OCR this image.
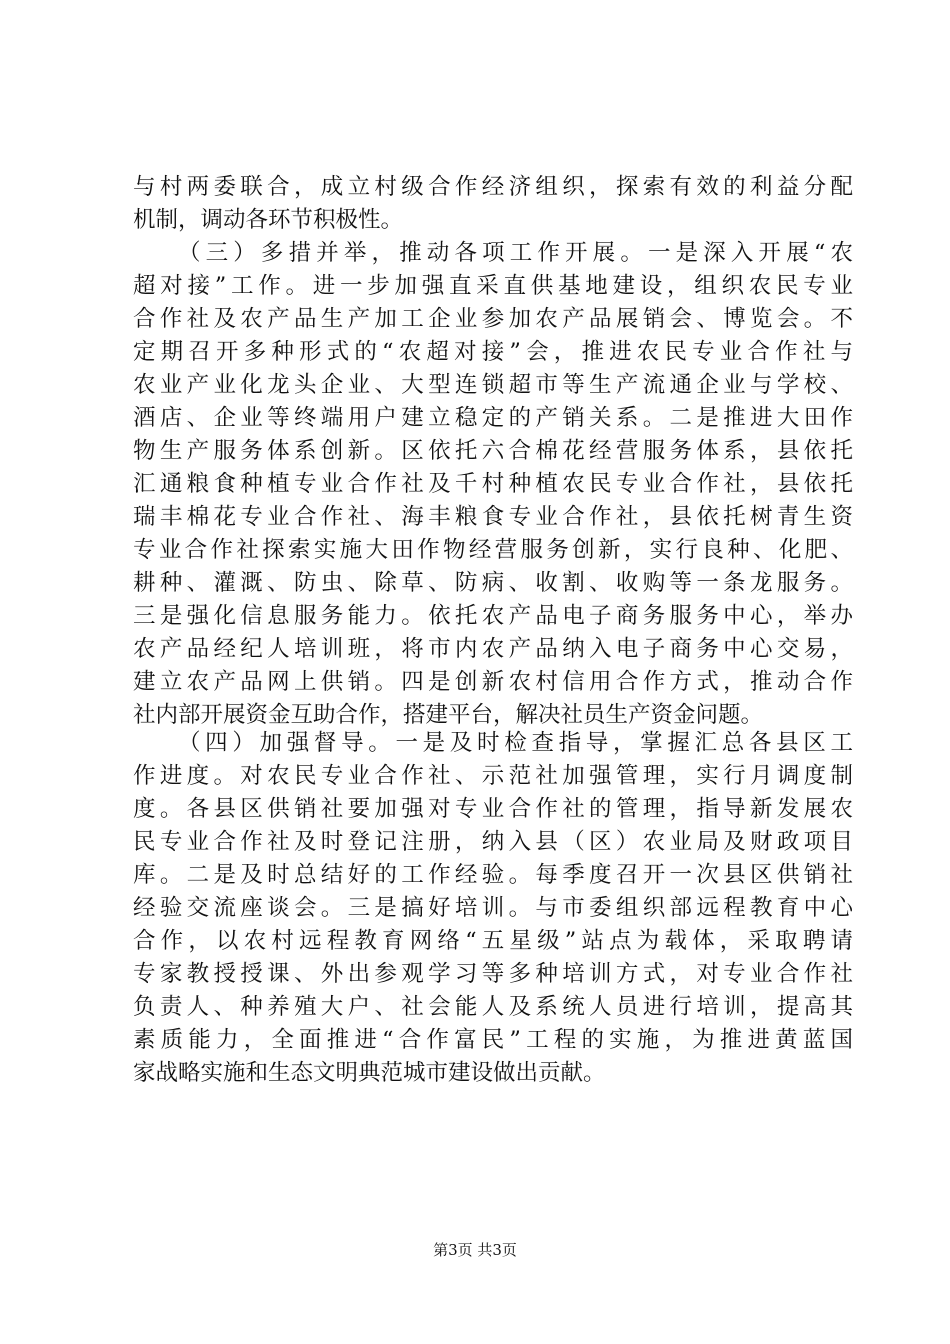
与村两委联合，成立村级合作经济组织，探索有效的利益分配
机制，调动各环节积极性。
（三）多措并举，推动各项工作开展。一是深入开展“农
超对接”工作。进一步加强直采直供基地建设，组织农民专业
合作社及农产品生产加工企业参加农产品展销会、博览会。不
定期召开多种形式的“农超对接”会，推进农民专业合作社与
农业产业化龙头企业、大型连锁超市等生产流通企业与学校、
酒店、企业等终端用户建立稳定的产销关系。二是推进大田作
物生产服务体系创新。区依托六合棉花经营服务体系，县依托
汇通粮食种植专业合作社及千村种植农民专业合作社，县依托
瑞丰棉花专业合作社、海丰粮食专业合作社，县依托树青生资
专业合作社探索实施大田作物经营服务创新，实行良种、化肥、
耕种、灌溉、防虫、除草、防病、收割、收购等一条龙服务。
三是强化信息服务能力。依托农产品电子商务服务中心，举办
农产品经纪人培训班，将市内农产品纳入电子商务中心交易，
建立农产品网上供销。四是创新农村信用合作方式，推动合作
社内部开展资金互助合作，搭建平台，解决社员生产资金问题。
（四）加强督导。一是及时检查指导，掌握汇总各县区工
作进度。对农民专业合作社、示范社加强管理，实行月调度制
度。各县区供销社要加强对专业合作社的管理，指导新发展农
民专业合作社及时登记注册，纳入县（区）农业局及财政项目
库。二是及时总结好的工作经验。每季度召开一次县区供销社
经验交流座谈会。三是搞好培训。与市委组织部远程教育中心
合作，以农村远程教育网络“五星级”站点为载体，采取聘请
专家教授授课、外出参观学习等多种培训方式，对专业合作社
负责人、种养殖大户、社会能人及系统人员进行培训，提高其
素质能力，全面推进“合作富民”工程的实施，为推进黄蓝国
家战略实施和生态文明典范城市建设做出贡献。
第3页 共3页
